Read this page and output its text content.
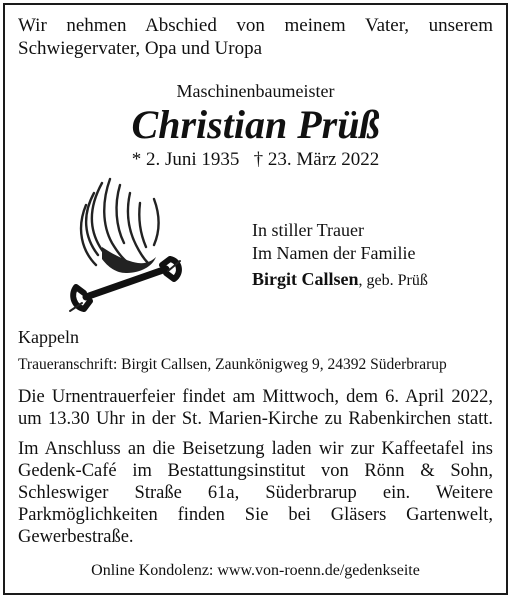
Wir nehmen Abschied von meinem Vater, unserem
Schwiegervater, Opa und Uropa
Maschinenbaumeister
Christian Prüß
* 2. Juni 1935   † 23. März 2022
In stiller Trauer
Im Namen der Familie
Birgit Callsen, geb. Prüß
Kappeln
Traueranschrift: Birgit Callsen, Zaunkönigweg 9, 24392 Süderbrarup
Die Urnentrauerfeier findet am Mittwoch, dem 6. April 2022,
um 13.30 Uhr in der St. Marien-Kirche zu Rabenkirchen statt.
Im Anschluss an die Beisetzung laden wir zur Kaffeetafel ins
Gedenk-Café im Bestattungsinstitut von Rönn & Sohn,
Schleswiger Straße 61a, Süderbrarup ein. Weitere
Parkmöglichkeiten finden Sie bei Gläsers Gartenwelt,
Gewerbestraße.
Online Kondolenz: www.von-roenn.de/gedenkseite
